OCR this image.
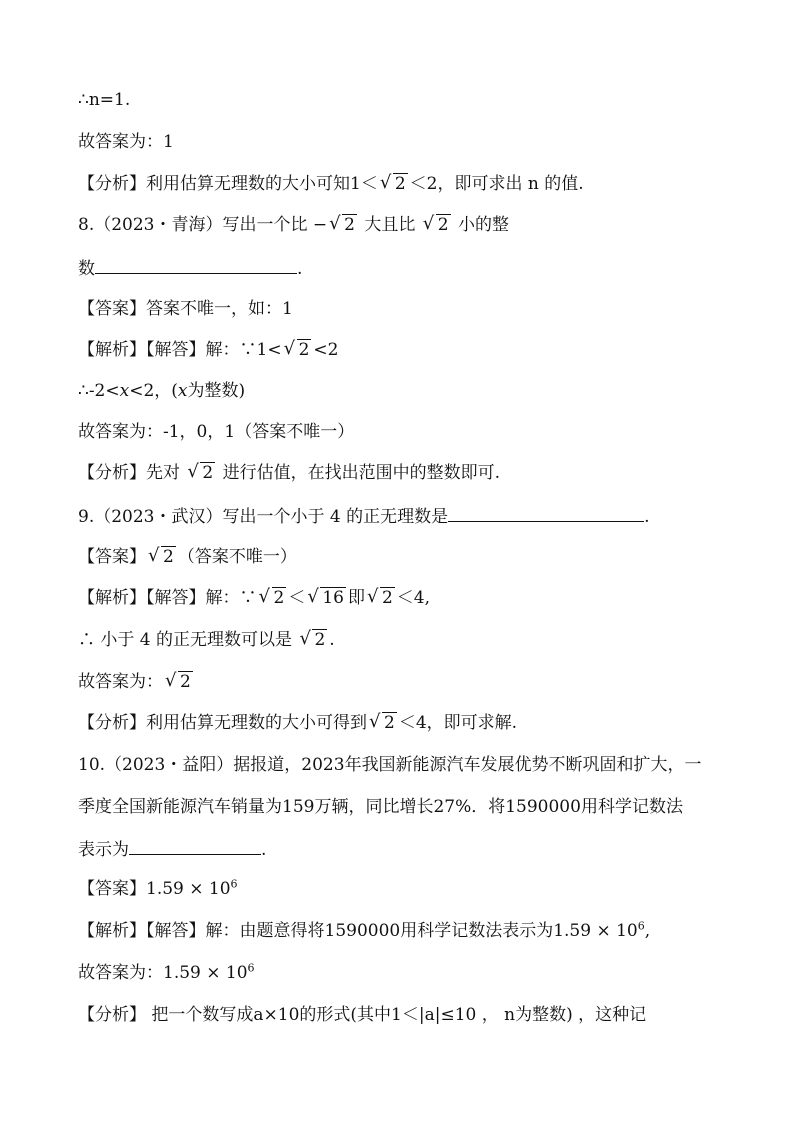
∴n=1.
故答案为：1
【分析】利用估算无理数的大小可知1＜ √ 2 ＜2，即可求出 n 的值.
8.（2023・青海）写出一个比 − √ 2 大且比 √ 2 小的整
数	.
【答案】答案不唯一，如：1
【解析】【解答】解：∵1< √ 2 <2
∴-2<x<2，(x为整数)
故答案为：-1，0，1（答案不唯一）
【分析】先对 √ 2 进行估值，在找出范围中的整数即可.
9.（2023・武汉）写出一个小于 4 的正无理数是	.
【答案】 √ 2 （答案不唯一）
【解析】【解答】解：∵ √ 2 ＜ √ 16 即 √ 2 ＜4,
∴ 小于 4 的正无理数可以是 √ 2 .
故答案为： √ 2
【分析】利用估算无理数的大小可得到 √ 2 ＜4，即可求解.
10.（2023・益阳）据报道，2023年我国新能源汽车发展优势不断巩固和扩大，一
季度全国新能源汽车销量为159万辆，同比增长27%．将1590000用科学记数法
表示为	.
【答案】$1.59 \times 10^6$
【解析】【解答】解：由题意得将1590000用科学记数法表示为$1.59 \times 10^6$,
故答案为：$1.59 \times 10^6$
【分析】 把一个数写成a×10的形式(其中1＜|a|≤10 ， n为整数) ，这种记
